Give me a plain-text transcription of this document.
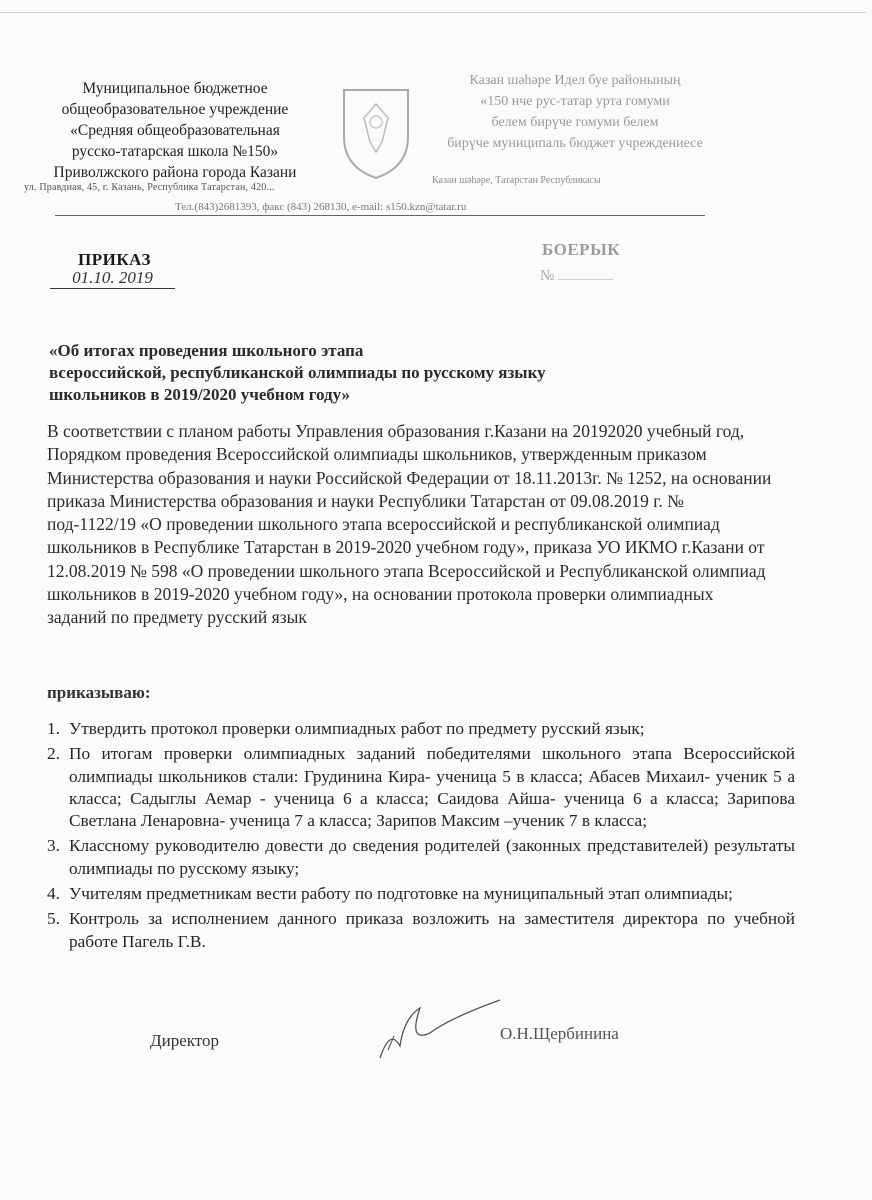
Муниципальное бюджетное
общеобразовательное учреждение
«Средняя общеобразовательная
русско-татарская школа №150»
Приволжского района города Казани
ул. Правдная, 45, г. Казань, Республика Татарстан, 420...
Казан шәһәре Идел буе районының
«150 нче рус-татар урта гомуми
белем бирүче гомуми белем
бирүче муниципаль бюджет учреждениесе
Казан шәһәре, Татарстан Республикасы
Тел.(843)2681393, факс (843) 268130, e-mail: s150.kzn@tatar.ru
ПРИКАЗ
01.10. 2019
БОЕРЫК
№
«Об итогах проведения школьного этапа
всероссийской, республиканской олимпиады по русскому языку
школьников в 2019/2020 учебном году»
В соответствии с планом работы Управления образования г.Казани на 20192020 учебный год, Порядком проведения Всероссийской олимпиады школьников, утвержденным приказом Министерства образования и науки Российской Федерации от 18.11.2013г. № 1252, на основании приказа Министерства образования и науки Республики Татарстан от 09.08.2019 г. № под-1122/19 «О проведении школьного этапа всероссийской и республиканской олимпиад школьников в Республике Татарстан в 2019-2020 учебном году», приказа УО ИКМО г.Казани от 12.08.2019 № 598 «О проведении школьного этапа Всероссийской и Республиканской олимпиад школьников в 2019-2020 учебном году», на основании протокола проверки олимпиадных заданий по предмету русский язык
приказываю:
1. Утвердить протокол проверки олимпиадных работ по предмету русский язык;
2. По итогам проверки олимпиадных заданий победителями школьного этапа Всероссийской олимпиады школьников стали: Грудинина Кира- ученица 5 в класса; Абасев Михаил- ученик 5 а класса; Садыглы Аемар - ученица 6 а класса; Саидова Айша- ученица 6 а класса; Зарипова Светлана Ленаровна- ученица 7 а класса; Зарипов Максим –ученик 7 в класса;
3. Классному руководителю довести до сведения родителей (законных представителей) результаты олимпиады по русскому языку;
4. Учителям предметникам вести работу по подготовке на муниципальный этап олимпиады;
5. Контроль за исполнением данного приказа возложить на заместителя директора по учебной работе Пагель Г.В.
Директор	О.Н.Щербинина
